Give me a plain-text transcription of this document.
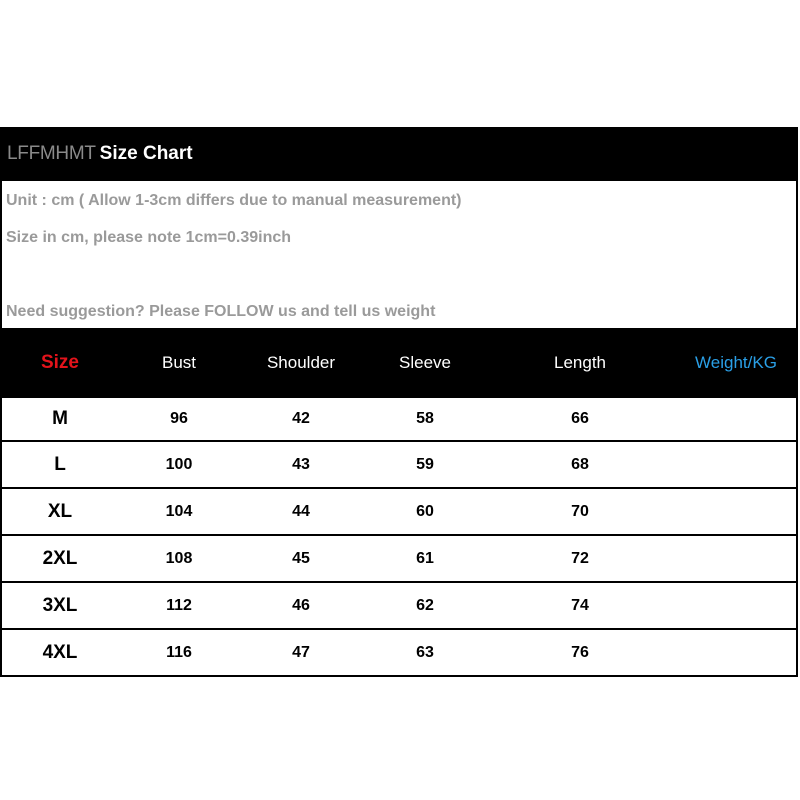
LFFMHMT Size Chart
Unit : cm ( Allow 1-3cm differs due to manual measurement)
Size in cm, please note 1cm=0.39inch
Need suggestion? Please FOLLOW us and tell us weight
Size	Bust	Shoulder	Sleeve	Length	Weight/KG
M	96	42	58	66
L	100	43	59	68
XL	104	44	60	70
2XL	108	45	61	72
3XL	112	46	62	74
4XL	116	47	63	76
